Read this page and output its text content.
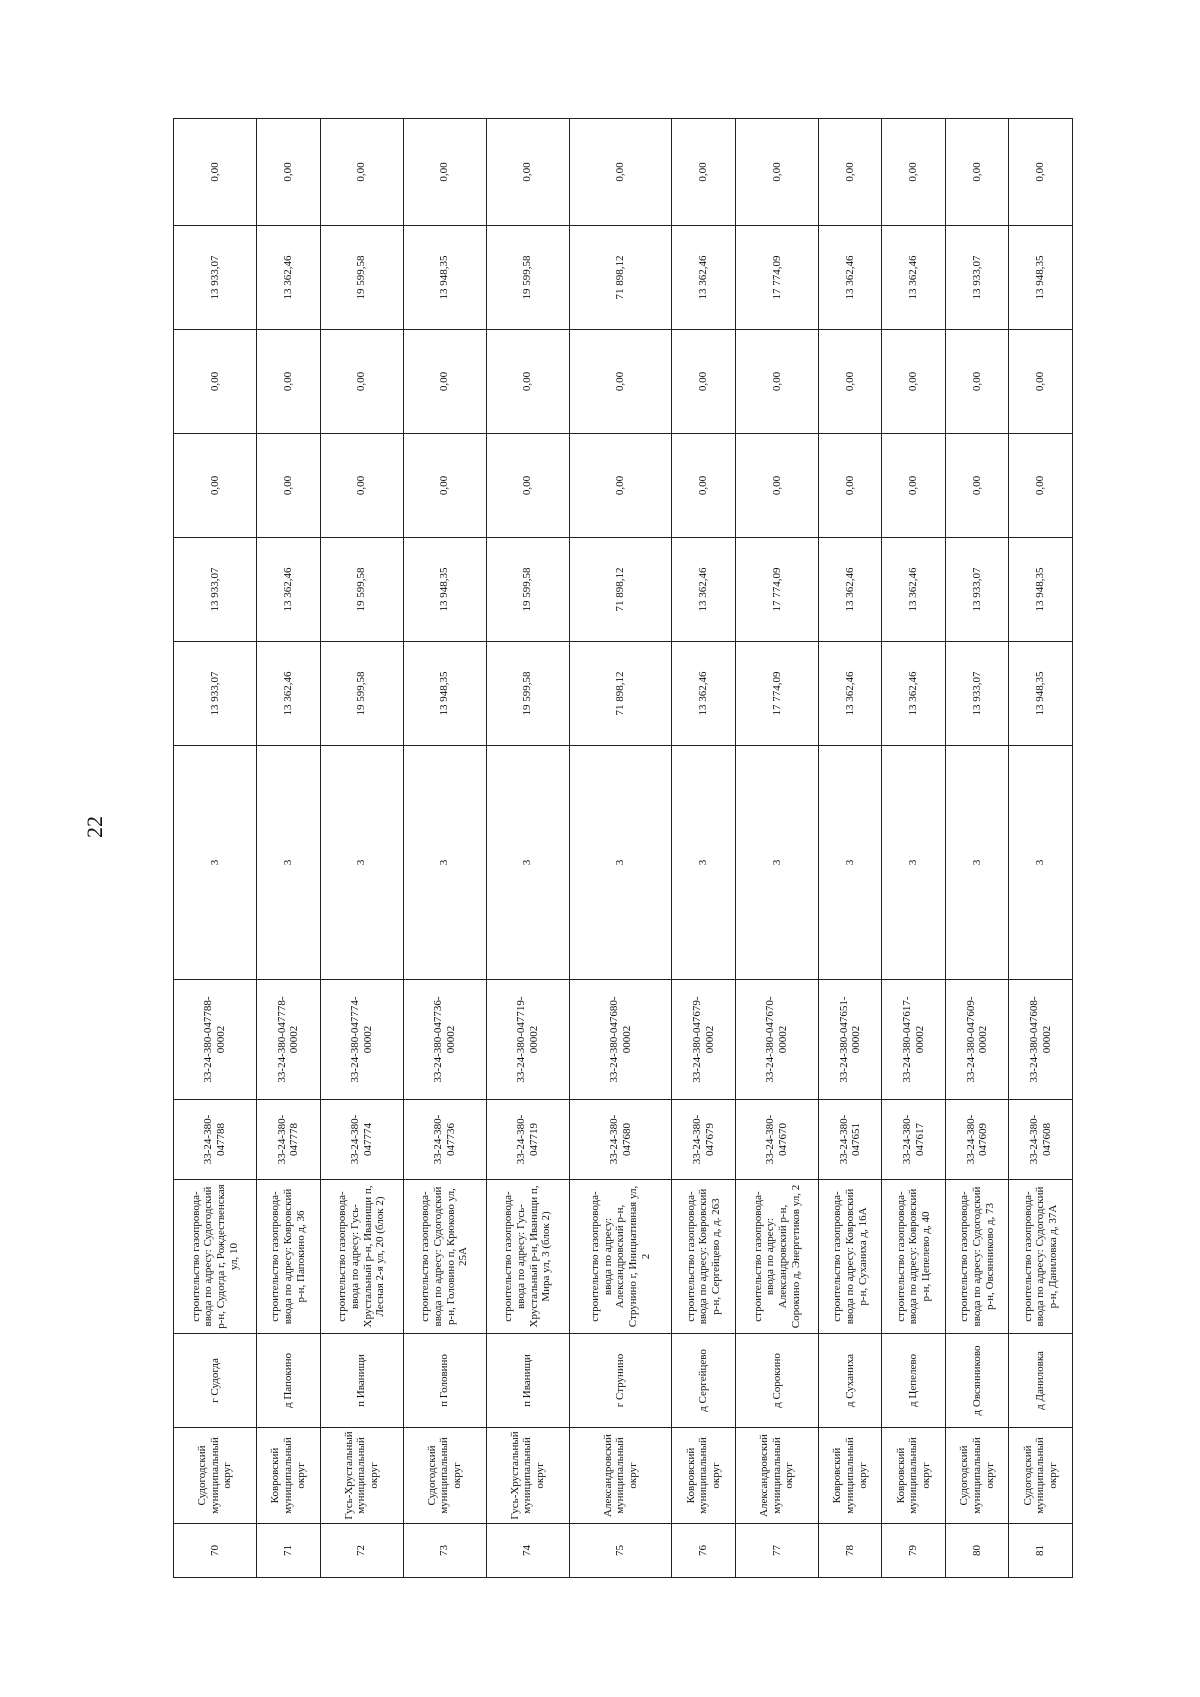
22
70	Судогодский муниципальный округ	г Судогда	строительство газопровода-ввода по адресу: Судогодский р-н, Судогда г, Рождественская ул, 10	33-24-380-047788	33-24-380-047788-00002	3	13 933,07	13 933,07	0,00	0,00	13 933,07	0,00
71	Ковровский муниципальный округ	д Папокино	строительство газопровода-ввода по адресу: Ковровский р-н, Папокино д, 36	33-24-380-047778	33-24-380-047778-00002	3	13 362,46	13 362,46	0,00	0,00	13 362,46	0,00
72	Гусь-Хрустальный муниципальный округ	п Иванищи	строительство газопровода-ввода по адресу: Гусь-Хрустальный р-н, Иванищи п, Лесная 2-я ул, 20 (блок 2)	33-24-380-047774	33-24-380-047774-00002	3	19 599,58	19 599,58	0,00	0,00	19 599,58	0,00
73	Судогодский муниципальный округ	п Головино	строительство газопровода-ввода по адресу: Судогодский р-н, Головино п, Крюково ул, 25А	33-24-380-047736	33-24-380-047736-00002	3	13 948,35	13 948,35	0,00	0,00	13 948,35	0,00
74	Гусь-Хрустальный муниципальный округ	п Иванищи	строительство газопровода-ввода по адресу: Гусь-Хрустальный р-н, Иванищи п, Мира ул, 3 (блок 2)	33-24-380-047719	33-24-380-047719-00002	3	19 599,58	19 599,58	0,00	0,00	19 599,58	0,00
75	Александровский муниципальный округ	г Струнино	строительство газопровода-ввода по адресу: Александровский р-н, Струнино г, Инициативная ул, 2	33-24-380-047680	33-24-380-047680-00002	3	71 898,12	71 898,12	0,00	0,00	71 898,12	0,00
76	Ковровский муниципальный округ	д Сергейцево	строительство газопровода-ввода по адресу: Ковровский р-н, Сергейцево д, д. 263	33-24-380-047679	33-24-380-047679-00002	3	13 362,46	13 362,46	0,00	0,00	13 362,46	0,00
77	Александровский муниципальный округ	д Сорокино	строительство газопровода-ввода по адресу: Александровский р-н, Сорокино д, Энергетиков ул, 2	33-24-380-047670	33-24-380-047670-00002	3	17 774,09	17 774,09	0,00	0,00	17 774,09	0,00
78	Ковровский муниципальный округ	д Суханиха	строительство газопровода-ввода по адресу: Ковровский р-н, Суханиха д, 16А	33-24-380-047651	33-24-380-047651-00002	3	13 362,46	13 362,46	0,00	0,00	13 362,46	0,00
79	Ковровский муниципальный округ	д Цепелево	строительство газопровода-ввода по адресу: Ковровский р-н, Цепелево д, 40	33-24-380-047617	33-24-380-047617-00002	3	13 362,46	13 362,46	0,00	0,00	13 362,46	0,00
80	Судогодский муниципальный округ	д Овсянниково	строительство газопровода-ввода по адресу: Судогодский р-н, Овсянниково д, 73	33-24-380-047609	33-24-380-047609-00002	3	13 933,07	13 933,07	0,00	0,00	13 933,07	0,00
81	Судогодский муниципальный округ	д Даниловка	строительство газопровода-ввода по адресу: Судогодский р-н, Даниловка д, 37А	33-24-380-047608	33-24-380-047608-00002	3	13 948,35	13 948,35	0,00	0,00	13 948,35	0,00
